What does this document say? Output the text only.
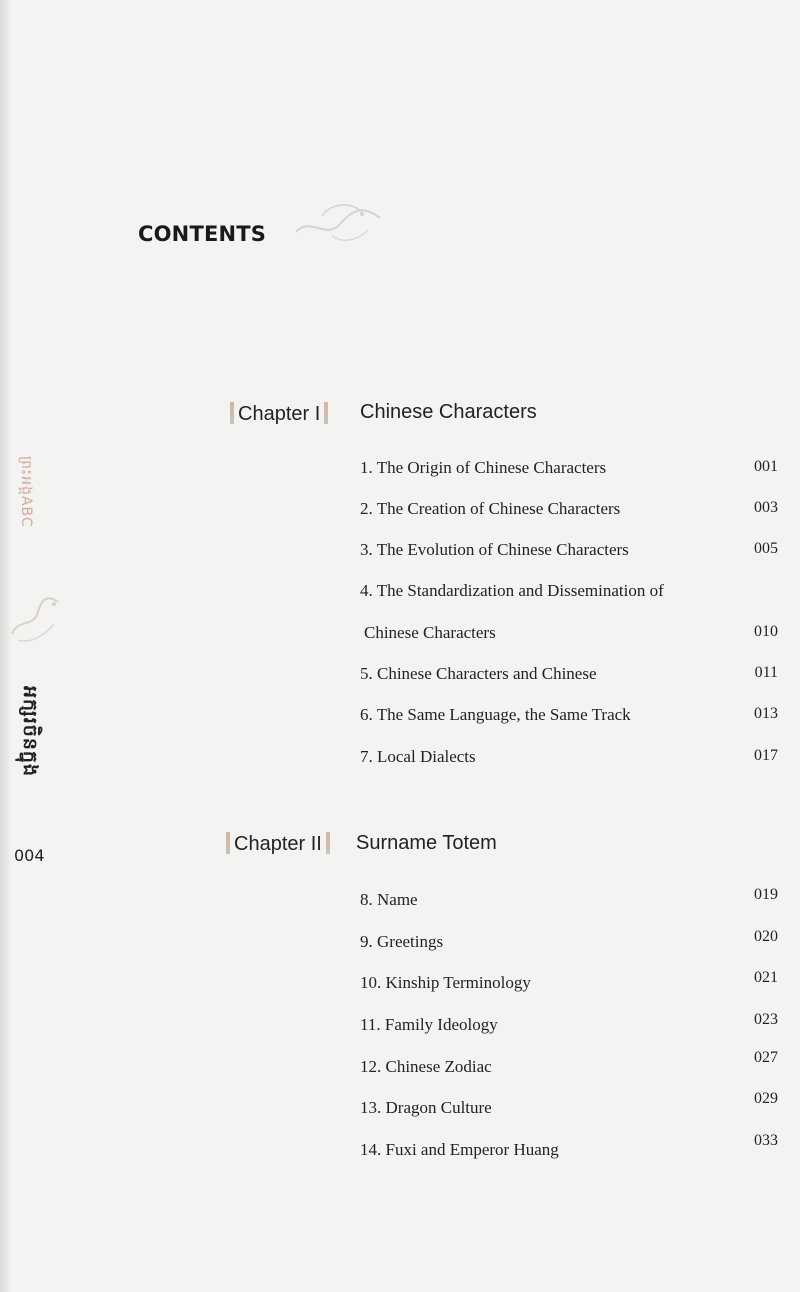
CONTENTS
Chapter I	Chinese Characters
1. The Origin of Chinese Characters	001
2. The Creation of Chinese Characters	003
3. The Evolution of Chinese Characters	005
4. The Standardization and Dissemination of
Chinese Characters	010
5. Chinese Characters and Chinese	011
6. The Same Language, the Same Track	013
7. Local Dialects	017
Chapter II	Surname Totem
8. Name	019
9. Greetings	020
10. Kinship Terminology	021
11. Family Ideology	023
12. Chinese Zodiac	027
13. Dragon Culture	029
14. Fuxi and Emperor Huang	033
ព្រះអង្គABC
អក្សរចិនក្នុង
004
